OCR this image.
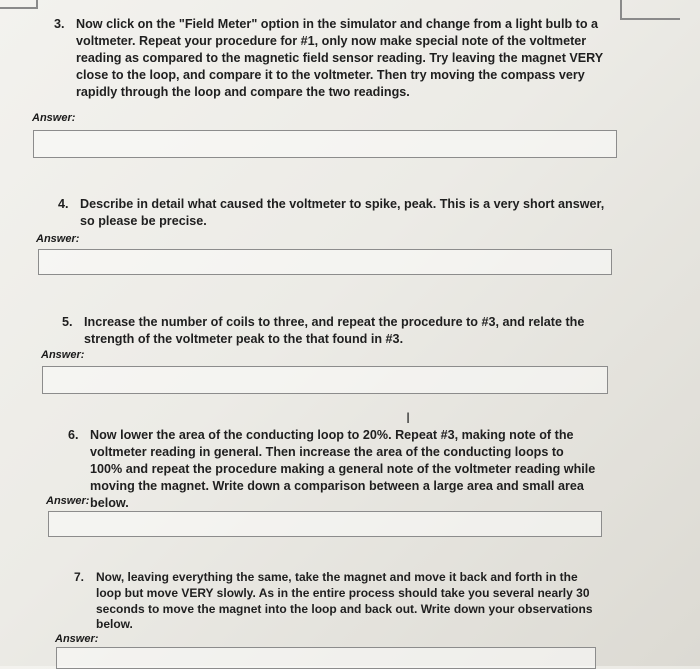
3. Now click on the "Field Meter" option in the simulator and change from a light bulb to a voltmeter. Repeat your procedure for #1, only now make special note of the voltmeter reading as compared to the magnetic field sensor reading. Try leaving the magnet VERY close to the loop, and compare it to the voltmeter. Then try moving the compass very rapidly through the loop and compare the two readings.
Answer:
4. Describe in detail what caused the voltmeter to spike, peak. This is a very short answer, so please be precise.
Answer:
5. Increase the number of coils to three, and repeat the procedure to #3, and relate the strength of the voltmeter peak to the that found in #3.
Answer:
6. Now lower the area of the conducting loop to 20%. Repeat #3, making note of the voltmeter reading in general. Then increase the area of the conducting loops to 100% and repeat the procedure making a general note of the voltmeter reading while moving the magnet. Write down a comparison between a large area and small area below.
Answer:
7. Now, leaving everything the same, take the magnet and move it back and forth in the loop but move VERY slowly. As in the entire process should take you several nearly 30 seconds to move the magnet into the loop and back out. Write down your observations below.
Answer:
I
